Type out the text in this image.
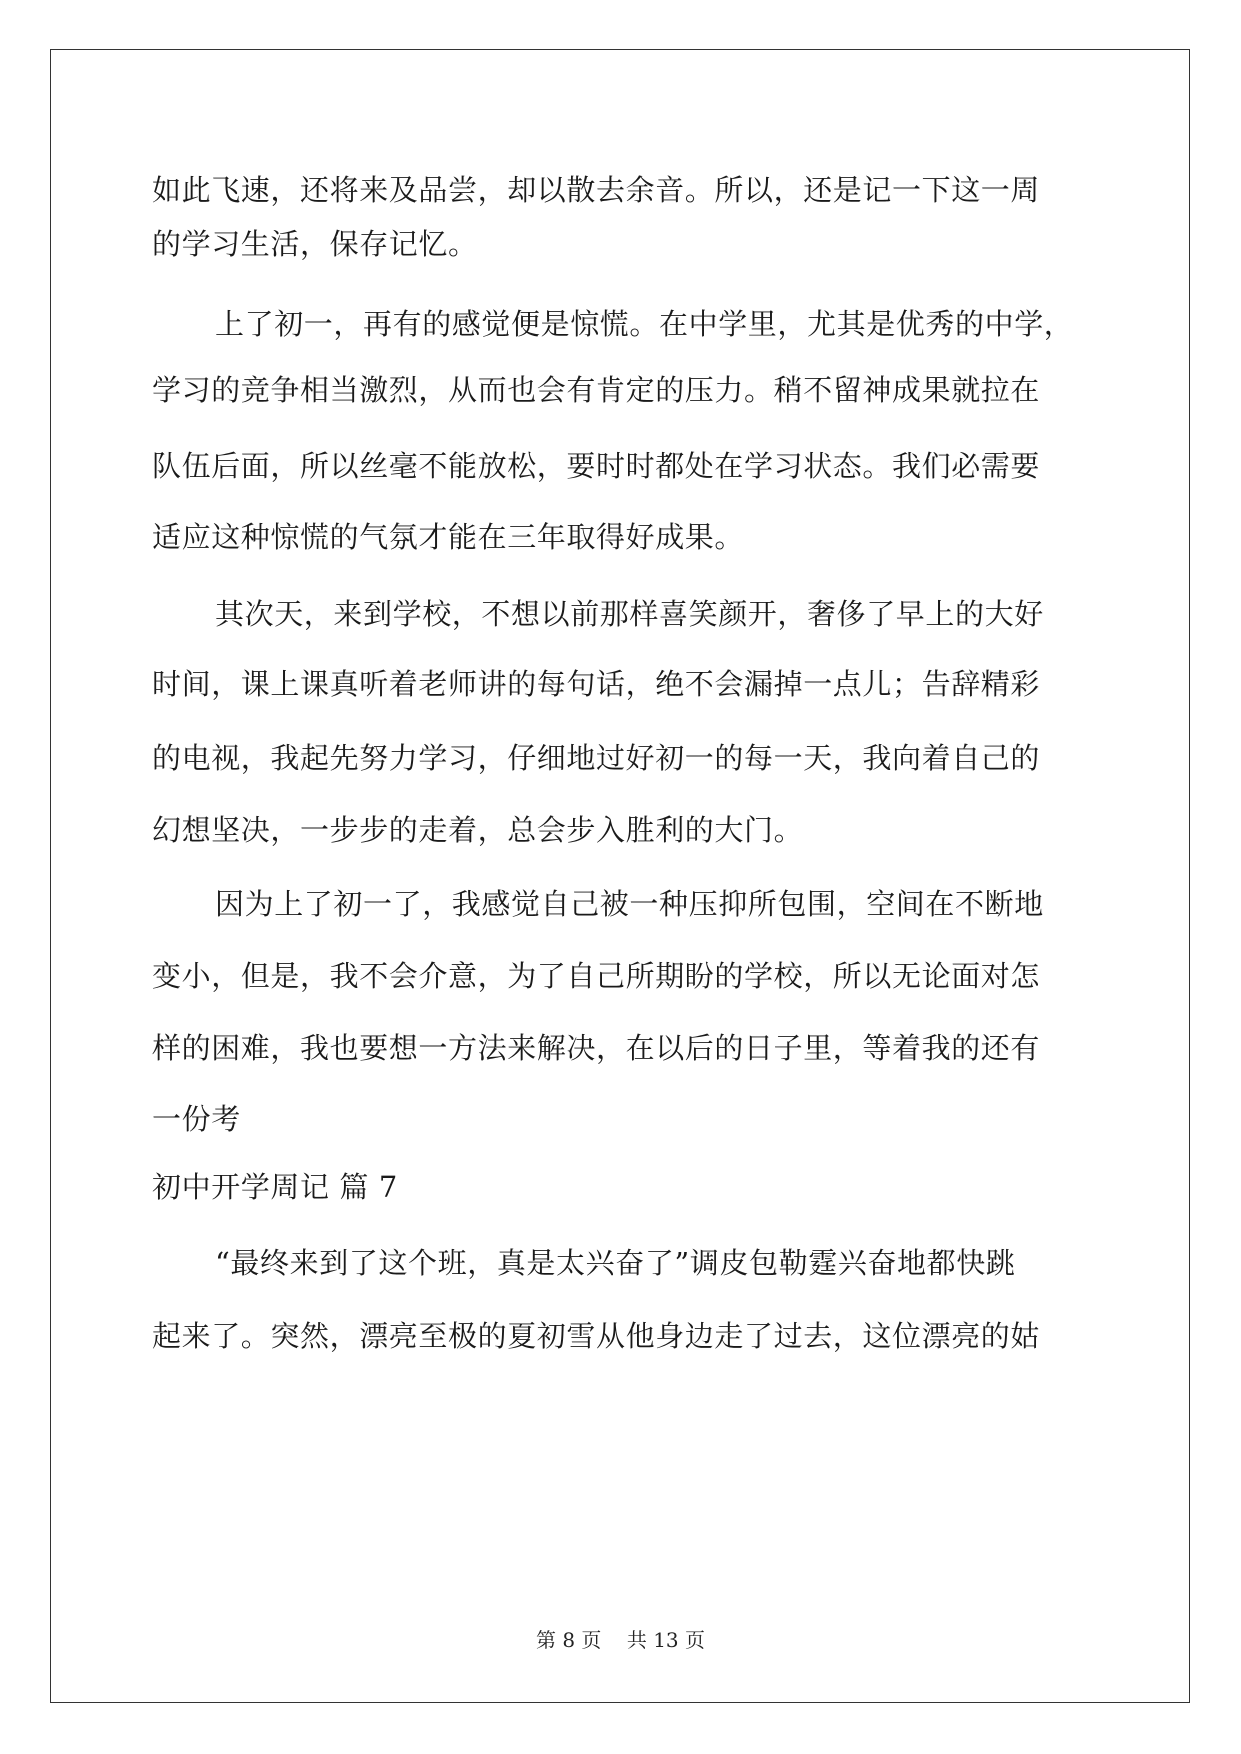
如此飞速，还将来及品尝，却以散去余音。所以，还是记一下这一周
的学习生活，保存记忆。
上了初一，再有的感觉便是惊慌。在中学里，尤其是优秀的中学，
学习的竞争相当激烈，从而也会有肯定的压力。稍不留神成果就拉在
队伍后面，所以丝毫不能放松，要时时都处在学习状态。我们必需要
适应这种惊慌的气氛才能在三年取得好成果。
其次天，来到学校，不想以前那样喜笑颜开，奢侈了早上的大好
时间，课上课真听着老师讲的每句话，绝不会漏掉一点儿；告辞精彩
的电视，我起先努力学习，仔细地过好初一的每一天，我向着自己的
幻想坚决，一步步的走着，总会步入胜利的大门。
因为上了初一了，我感觉自己被一种压抑所包围，空间在不断地
变小，但是，我不会介意，为了自己所期盼的学校，所以无论面对怎
样的困难，我也要想一方法来解决，在以后的日子里，等着我的还有
一份考
初中开学周记 篇 7
“最终来到了这个班，真是太兴奋了”调皮包勒霆兴奋地都快跳
起来了。突然，漂亮至极的夏初雪从他身边走了过去，这位漂亮的姑
第 8 页    共 13 页
